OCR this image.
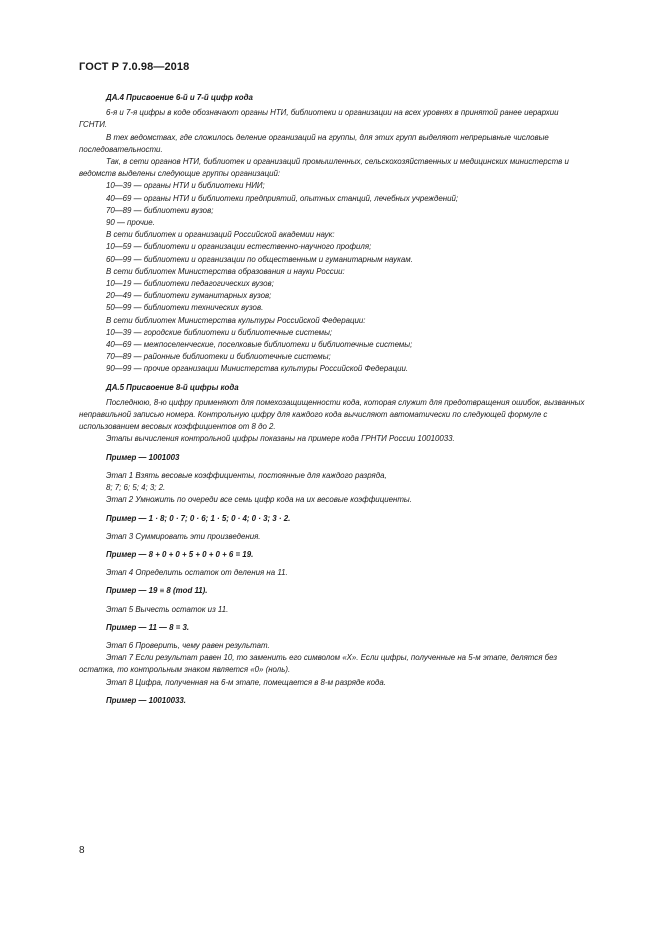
ГОСТ Р 7.0.98—2018

ДА.4 Присвоение 6-й и 7-й цифр кода

6-я и 7-я цифры в коде обозначают органы НТИ, библиотеки и организации на всех уровнях в принятой ранее иерархии ГСНТИ.

В тех ведомствах, где сложилось деление организаций на группы, для этих групп выделяют непрерывные числовые последовательности.

Так, в сети органов НТИ, библиотек и организаций промышленных, сельскохозяйственных и медицинских министерств и ведомств выделены следующие группы организаций:

10—39 — органы НТИ и библиотеки НИИ;

40—69 — органы НТИ и библиотеки предприятий, опытных станций, лечебных учреждений;

70—89 — библиотеки вузов;

90 — прочие.

В сети библиотек и организаций Российской академии наук:

10—59 — библиотеки и организации естественно-научного профиля;

60—99 — библиотеки и организации по общественным и гуманитарным наукам.

В сети библиотек Министерства образования и науки России:

10—19 — библиотеки педагогических вузов;

20—49 — библиотеки гуманитарных вузов;

50—99 — библиотеки технических вузов.

В сети библиотек Министерства культуры Российской Федерации:

10—39 — городские библиотеки и библиотечные системы;

40—69 — межпоселенческие, поселковые библиотеки и библиотечные системы;

70—89 — районные библиотеки и библиотечные системы;

90—99 — прочие организации Министерства культуры Российской Федерации.

ДА.5 Присвоение 8-й цифры кода

Последнюю, 8-ю цифру применяют для помехозащищенности кода, которая служит для предотвращения ошибок, вызванных неправильной записью номера. Контрольную цифру для каждого кода вычисляют автоматически по следующей формуле с использованием весовых коэффициентов от 8 до 2.

Этапы вычисления контрольной цифры показаны на примере кода ГРНТИ России 10010033.

Пример — 1001003

Этап 1 Взять весовые коэффициенты, постоянные для каждого разряда,

8; 7; 6; 5; 4; 3; 2.

Этап 2 Умножить по очереди все семь цифр кода на их весовые коэффициенты.

Пример — 1 · 8; 0 · 7; 0 · 6; 1 · 5; 0 · 4; 0 · 3; 3 · 2.

Этап 3 Суммировать эти произведения.

Пример — 8 + 0 + 0 + 5 + 0 + 0 + 6 = 19.

Этап 4 Определить остаток от деления на 11.

Пример — 19 ≡ 8 (mod 11).

Этап 5 Вычесть остаток из 11.

Пример — 11 — 8 = 3.

Этап 6 Проверить, чему равен результат.

Этап 7 Если результат равен 10, то заменить его символом «X». Если цифры, полученные на 5-м этапе, делятся без остатка, то контрольным знаком является «0» (ноль).

Этап 8 Цифра, полученная на 6-м этапе, помещается в 8-м разряде кода.

Пример — 10010033.

8
